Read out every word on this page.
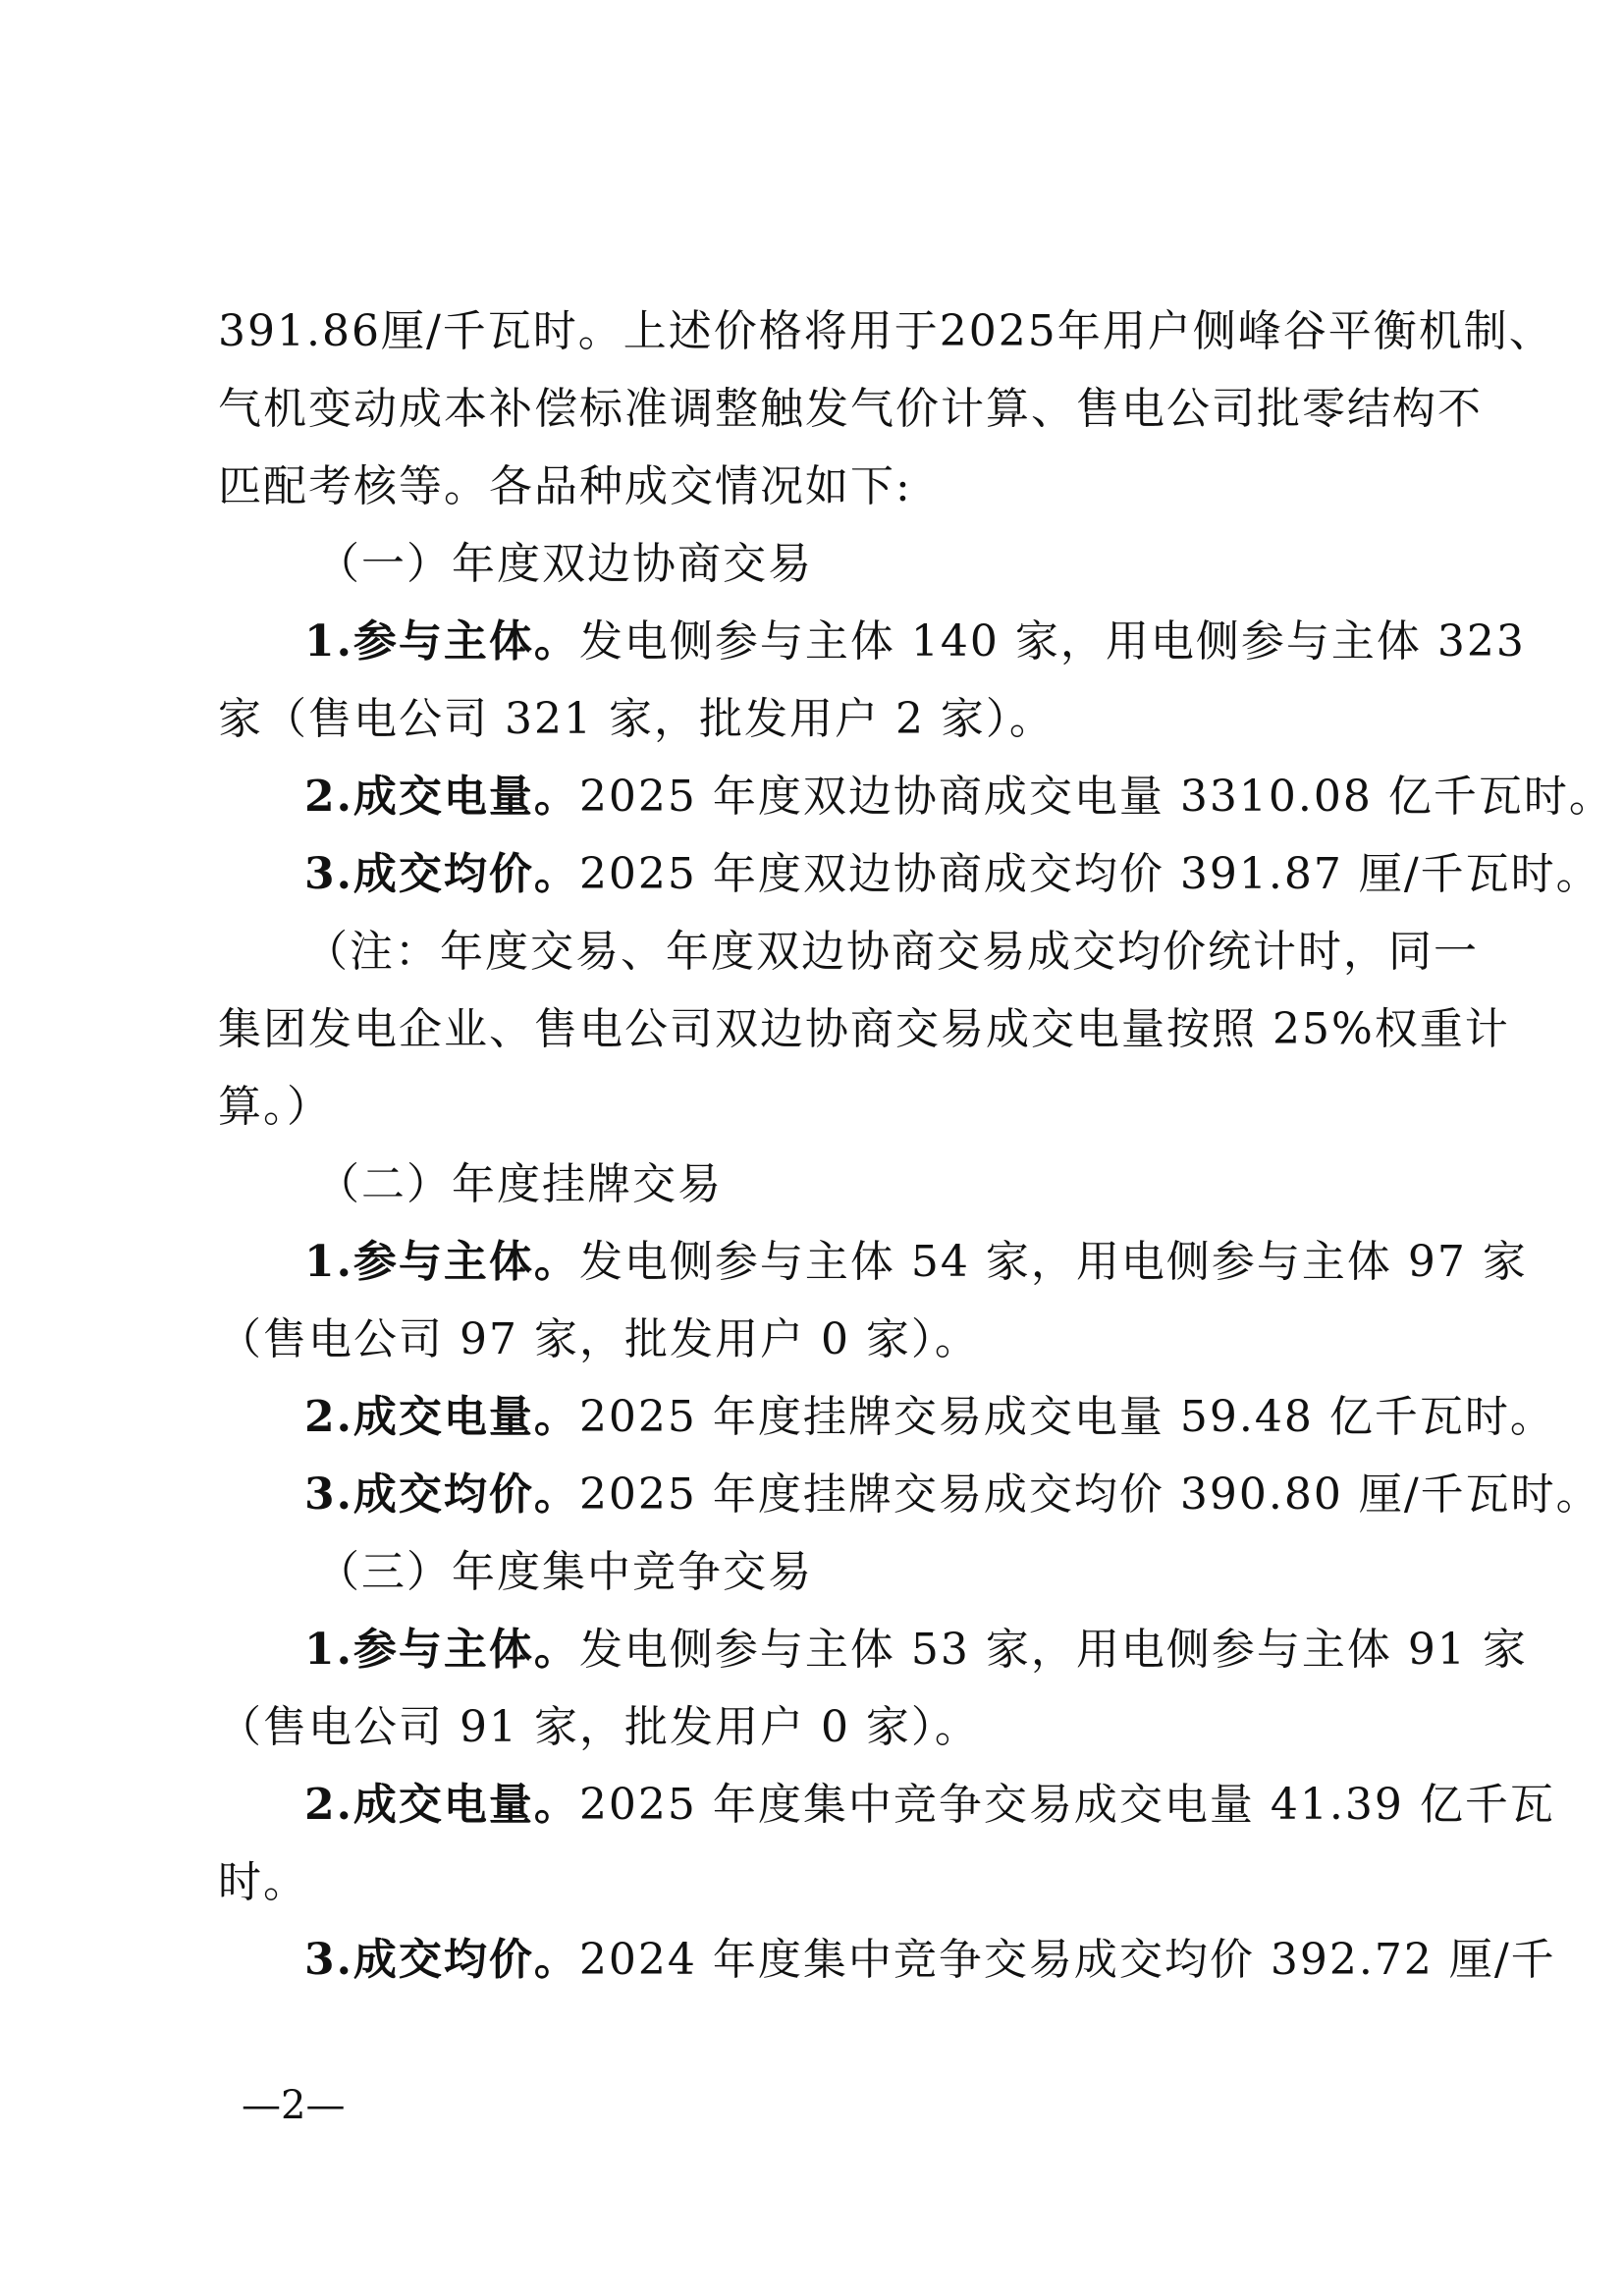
391.86厘/千瓦时。上述价格将用于2025年用户侧峰谷平衡机制、
气机变动成本补偿标准调整触发气价计算、售电公司批零结构不
匹配考核等。各品种成交情况如下:
（一）年度双边协商交易
1.参与主体。发电侧参与主体 140 家，用电侧参与主体 323
家（售电公司 321 家，批发用户 2 家）。
2.成交电量。2025 年度双边协商成交电量 3310.08 亿千瓦时。
3.成交均价。2025 年度双边协商成交均价 391.87 厘/千瓦时。
（注：年度交易、年度双边协商交易成交均价统计时，同一
集团发电企业、售电公司双边协商交易成交电量按照 25%权重计
算。）
（二）年度挂牌交易
1.参与主体。发电侧参与主体 54 家，用电侧参与主体 97 家
（售电公司 97 家，批发用户 0 家）。
2.成交电量。2025 年度挂牌交易成交电量 59.48 亿千瓦时。
3.成交均价。2025 年度挂牌交易成交均价 390.80 厘/千瓦时。
（三）年度集中竞争交易
1.参与主体。发电侧参与主体 53 家，用电侧参与主体 91 家
（售电公司 91 家，批发用户 0 家）。
2.成交电量。2025 年度集中竞争交易成交电量 41.39 亿千瓦
时。
3.成交均价。2024 年度集中竞争交易成交均价 392.72 厘/千
—2—
